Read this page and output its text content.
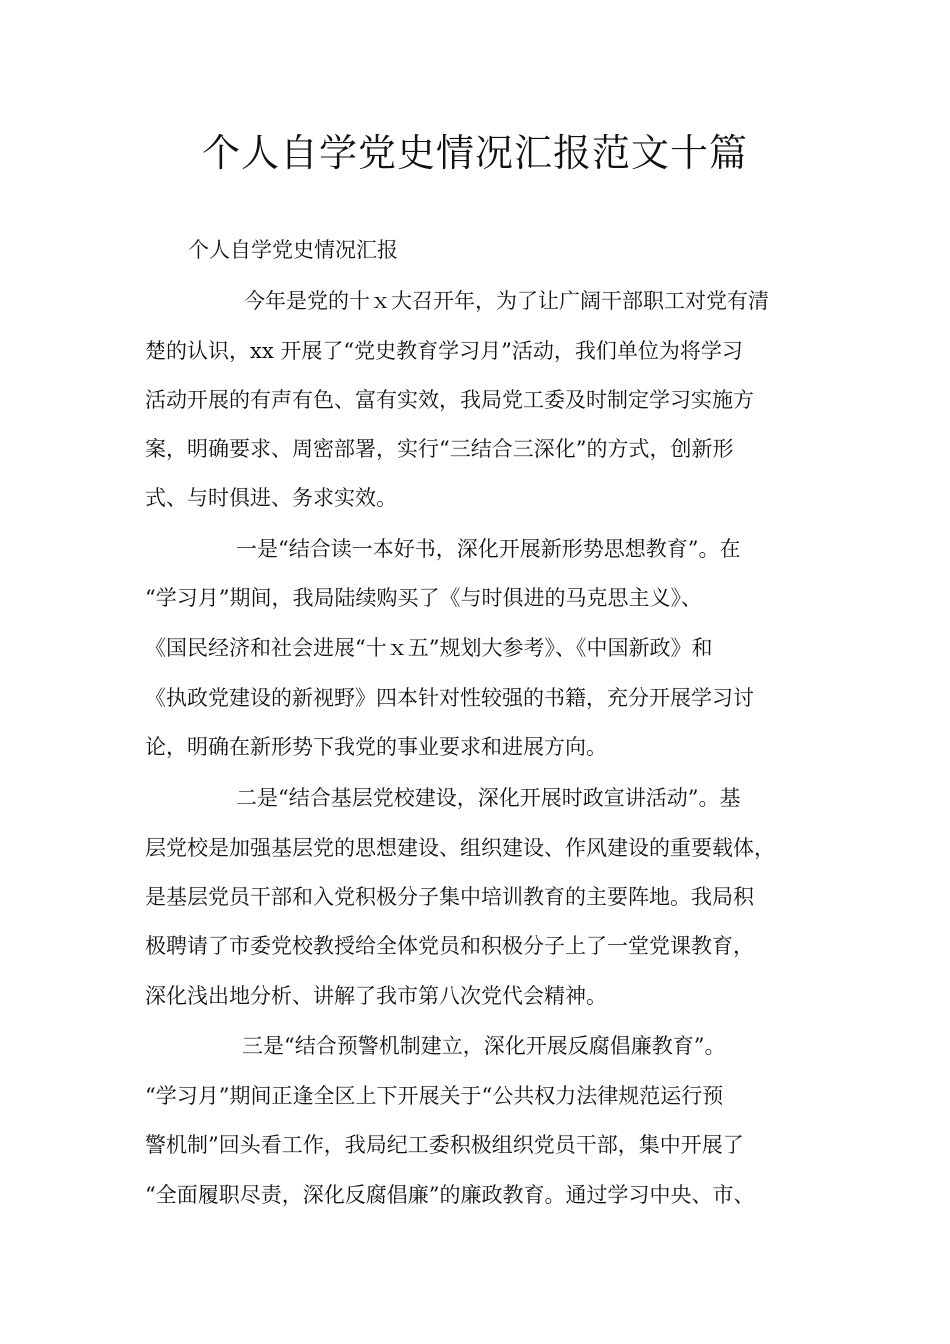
个人自学党史情况汇报范文十篇
个人自学党史情况汇报
今年是党的十ｘ大召开年，为了让广阔干部职工对党有清
楚的认识，xx 开展了“党史教育学习月”活动，我们单位为将学习
活动开展的有声有色、富有实效，我局党工委及时制定学习实施方
案，明确要求、周密部署，实行“三结合三深化”的方式，创新形
式、与时俱进、务求实效。
一是“结合读一本好书，深化开展新形势思想教育”。在
“学习月”期间，我局陆续购买了《与时俱进的马克思主义》、
《国民经济和社会进展“十ｘ五”规划大参考》、《中国新政》和
《执政党建设的新视野》四本针对性较强的书籍，充分开展学习讨
论，明确在新形势下我党的事业要求和进展方向。
二是“结合基层党校建设，深化开展时政宣讲活动”。基
层党校是加强基层党的思想建设、组织建设、作风建设的重要载体，
是基层党员干部和入党积极分子集中培训教育的主要阵地。我局积
极聘请了市委党校教授给全体党员和积极分子上了一堂党课教育，
深化浅出地分析、讲解了我市第八次党代会精神。
三是“结合预警机制建立，深化开展反腐倡廉教育”。
“学习月”期间正逢全区上下开展关于“公共权力法律规范运行预
警机制”回头看工作，我局纪工委积极组织党员干部，集中开展了
“全面履职尽责，深化反腐倡廉”的廉政教育。通过学习中央、市、
